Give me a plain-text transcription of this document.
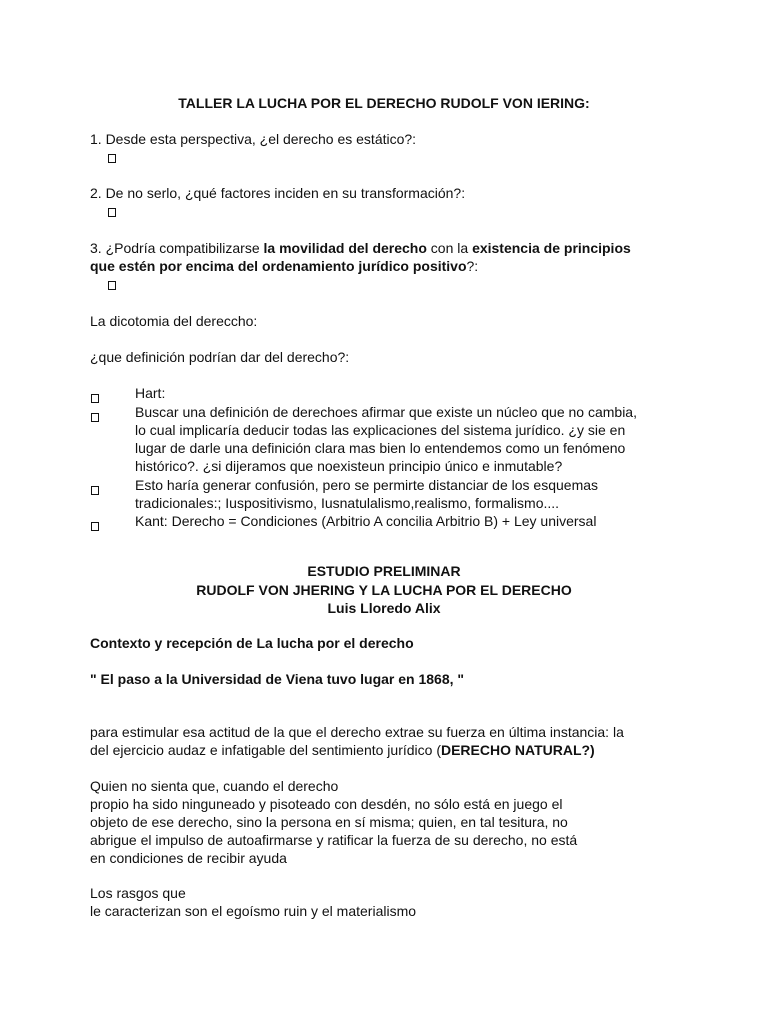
TALLER LA LUCHA POR EL DERECHO RUDOLF VON IERING:
1. Desde esta perspectiva, ¿el derecho es estático?:
2. De no serlo, ¿qué factores inciden en su transformación?:
3. ¿Podría compatibilizarse la movilidad del derecho con la existencia de principios
que estén por encima del ordenamiento jurídico positivo?:
La dicotomia del dereccho:
¿que definición podrían dar del derecho?:
Hart:
Buscar una definición de derechoes afirmar que existe un núcleo que no cambia,
lo cual implicaría deducir todas las explicaciones del sistema jurídico. ¿y sie en
lugar de darle una definición clara mas bien lo entendemos como un fenómeno
histórico?. ¿si dijeramos que noexisteun principio único e inmutable?
Esto haría generar confusión, pero se permirte distanciar de los esquemas
tradicionales:; Iuspositivismo, Iusnatulalismo,realismo, formalismo....
Kant: Derecho = Condiciones (Arbitrio A concilia Arbitrio B) + Ley universal
ESTUDIO PRELIMINAR
RUDOLF VON JHERING Y LA LUCHA POR EL DERECHO
Luis Lloredo Alix
Contexto y recepción de La lucha por el derecho
" El paso a la Universidad de Viena tuvo lugar en 1868, "
para estimular esa actitud de la que el derecho extrae su fuerza en última instancia: la
del ejercicio audaz e infatigable del sentimiento jurídico (DERECHO NATURAL?)
Quien no sienta que, cuando el derecho
propio ha sido ninguneado y pisoteado con desdén, no sólo está en juego el
objeto de ese derecho, sino la persona en sí misma; quien, en tal tesitura, no
abrigue el impulso de autoafirmarse y ratificar la fuerza de su derecho, no está
en condiciones de recibir ayuda
Los rasgos que
le caracterizan son el egoísmo ruin y el materialismo
